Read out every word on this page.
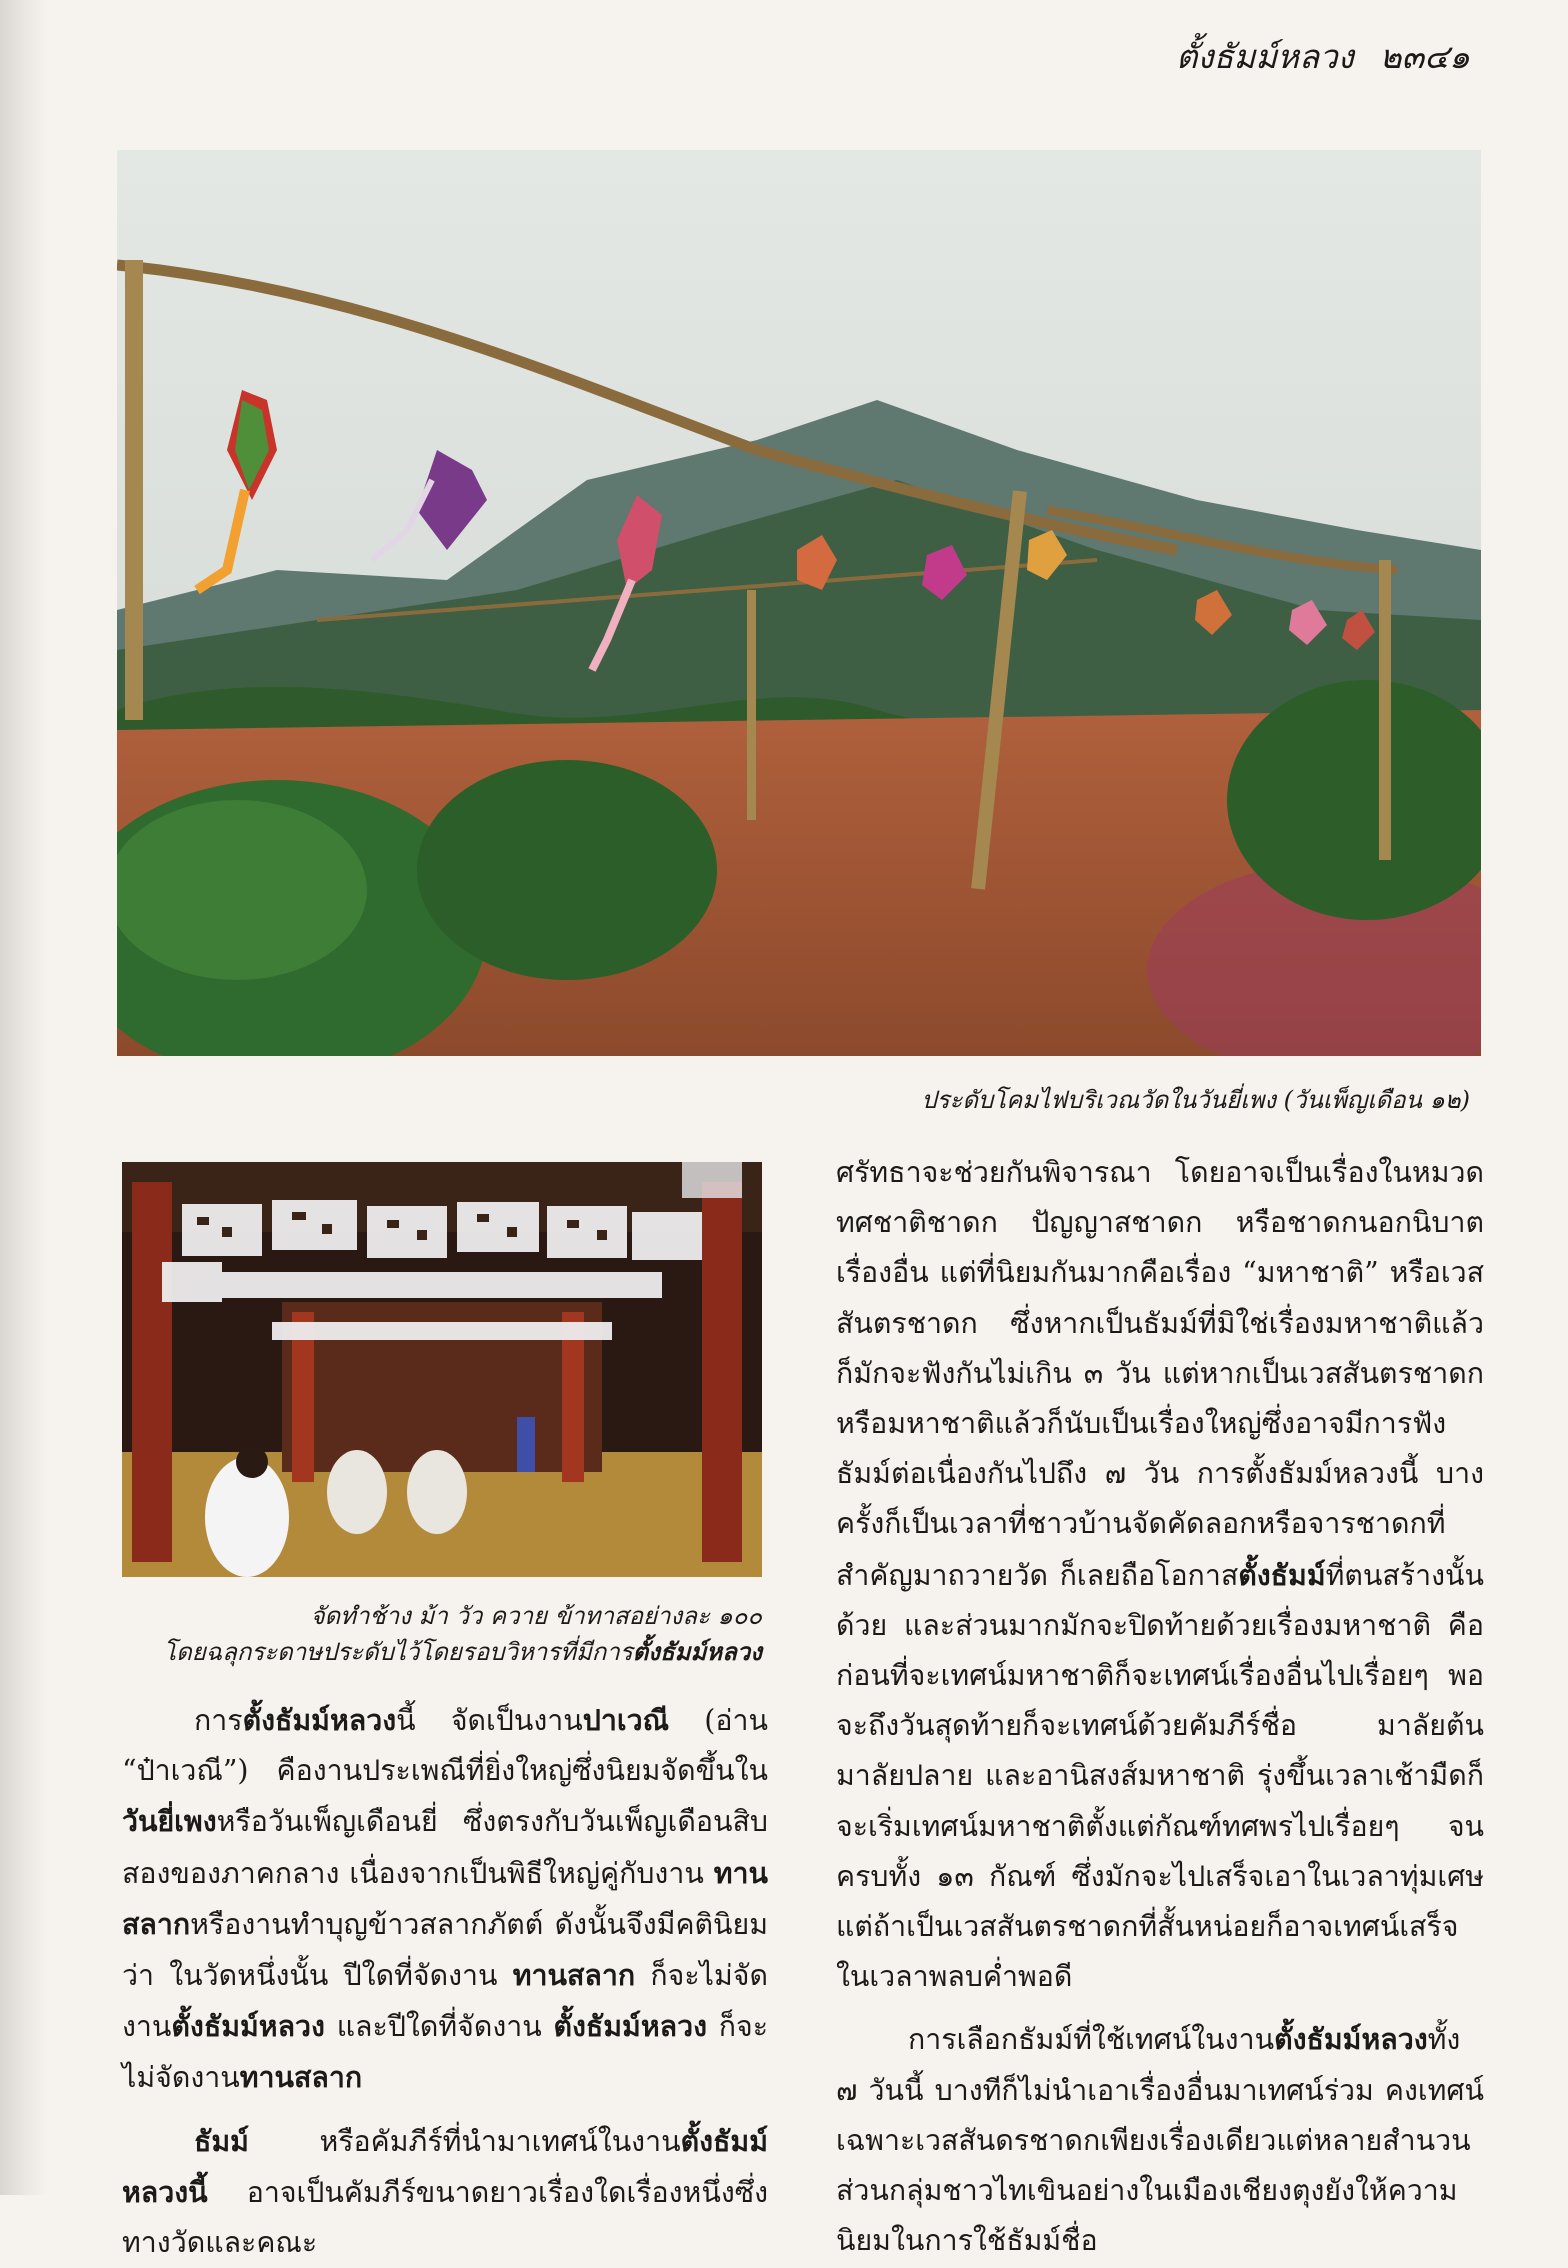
ตั้งธัมม์หลวง ๒๓๔๑
ประดับโคมไฟบริเวณวัดในวันยี่เพง (วันเพ็ญเดือน ๑๒)
จัดทำช้าง ม้า วัว ควาย ข้าทาสอย่างละ ๑๐๐
โดยฉลุกระดาษประดับไว้โดยรอบวิหารที่มีการตั้งธัมม์หลวง

การตั้งธัมม์หลวงนี้ จัดเป็นงานปาเวณี (อ่าน “ป๋าเวณี”) คืองานประเพณีที่ยิ่งใหญ่ซึ่งนิยมจัดขึ้นในวันยี่เพงหรือวันเพ็ญเดือนยี่ ซึ่งตรงกับวันเพ็ญเดือนสิบสองของภาคกลาง เนื่องจากเป็นพิธีใหญ่คู่กับงาน ทานสลากหรืองานทำบุญข้าวสลากภัตต์ ดังนั้นจึงมีคตินิยมว่า ในวัดหนึ่งนั้น ปีใดที่จัดงาน ทานสลาก ก็จะไม่จัดงานตั้งธัมม์หลวง และปีใดที่จัดงาน ตั้งธัมม์หลวง ก็จะไม่จัดงานทานสลาก

ธัมม์ หรือคัมภีร์ที่นำมาเทศน์ในงานตั้งธัมม์หลวงนี้ อาจเป็นคัมภีร์ขนาดยาวเรื่องใดเรื่องหนึ่งซึ่งทางวัดและคณะ

ศรัทธาจะช่วยกันพิจารณา โดยอาจเป็นเรื่องในหมวด ทศชาติชาดก ปัญญาสชาดก หรือชาดกนอกนิบาตเรื่องอื่น แต่ที่นิยมกันมากคือเรื่อง “มหาชาติ” หรือเวสสันตรชาดก ซึ่งหากเป็นธัมม์ที่มิใช่เรื่องมหาชาติแล้ว ก็มักจะฟังกันไม่เกิน ๓ วัน แต่หากเป็นเวสสันตรชาดกหรือมหาชาติแล้วก็นับเป็นเรื่องใหญ่ซึ่งอาจมีการฟังธัมม์ต่อเนื่องกันไปถึง ๗ วัน การตั้งธัมม์หลวงนี้ บางครั้งก็เป็นเวลาที่ชาวบ้านจัดคัดลอกหรือจารชาดกที่สำคัญมาถวายวัด ก็เลยถือโอกาสตั้งธัมม์ที่ตนสร้างนั้นด้วย และส่วนมากมักจะปิดท้ายด้วยเรื่องมหาชาติ คือก่อนที่จะเทศน์มหาชาติก็จะเทศน์เรื่องอื่นไปเรื่อยๆ พอจะถึงวันสุดท้ายก็จะเทศน์ด้วยคัมภีร์ชื่อ มาลัยต้น มาลัยปลาย และอานิสงส์มหาชาติ รุ่งขึ้นเวลาเช้ามืดก็จะเริ่มเทศน์มหาชาติตั้งแต่กัณฑ์ทศพรไปเรื่อยๆ จนครบทั้ง ๑๓ กัณฑ์ ซึ่งมักจะไปเสร็จเอาในเวลาทุ่มเศษ แต่ถ้าเป็นเวสสันตรชาดกที่สั้นหน่อยก็อาจเทศน์เสร็จในเวลาพลบค่ำพอดี

การเลือกธัมม์ที่ใช้เทศน์ในงานตั้งธัมม์หลวงทั้ง ๗ วันนี้ บางทีก็ไม่นำเอาเรื่องอื่นมาเทศน์ร่วม คงเทศน์เฉพาะเวสสันดรชาดกเพียงเรื่องเดียวแต่หลายสำนวน ส่วนกลุ่มชาวไทเขินอย่างในเมืองเชียงตุงยังให้ความนิยมในการใช้ธัมม์ชื่อ
